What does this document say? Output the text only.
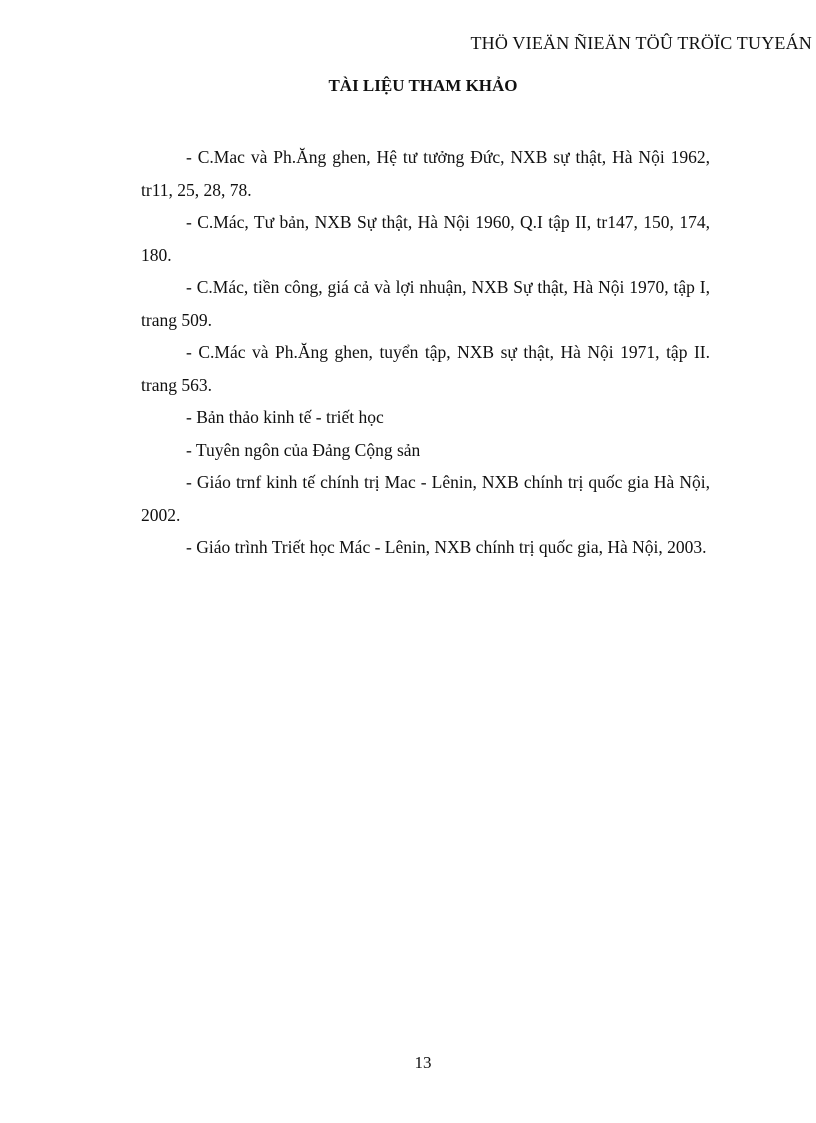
THÖ VIEÄN ÑIEÄN TÖÛ TRÖÏC TUYEÁN
TÀI LIỆU THAM KHẢO

- C.Mac và Ph.Ăng ghen, Hệ tư tưởng Đức, NXB sự thật, Hà Nội 1962, tr11, 25, 28, 78.

- C.Mác, Tư bản, NXB Sự thật, Hà Nội 1960, Q.I tập II, tr147, 150, 174, 180.

- C.Mác, tiền công, giá cả và lợi nhuận, NXB Sự thật, Hà Nội 1970, tập I, trang 509.

- C.Mác và Ph.Ăng ghen, tuyển tập, NXB sự thật, Hà Nội 1971, tập II. trang 563.

- Bản thảo kinh tế - triết học

- Tuyên ngôn của Đảng Cộng sản

- Giáo trnf kinh tế chính trị Mac - Lênin, NXB chính trị quốc gia Hà Nội, 2002.

- Giáo trình Triết học Mác - Lênin, NXB chính trị quốc gia, Hà Nội, 2003.

13
